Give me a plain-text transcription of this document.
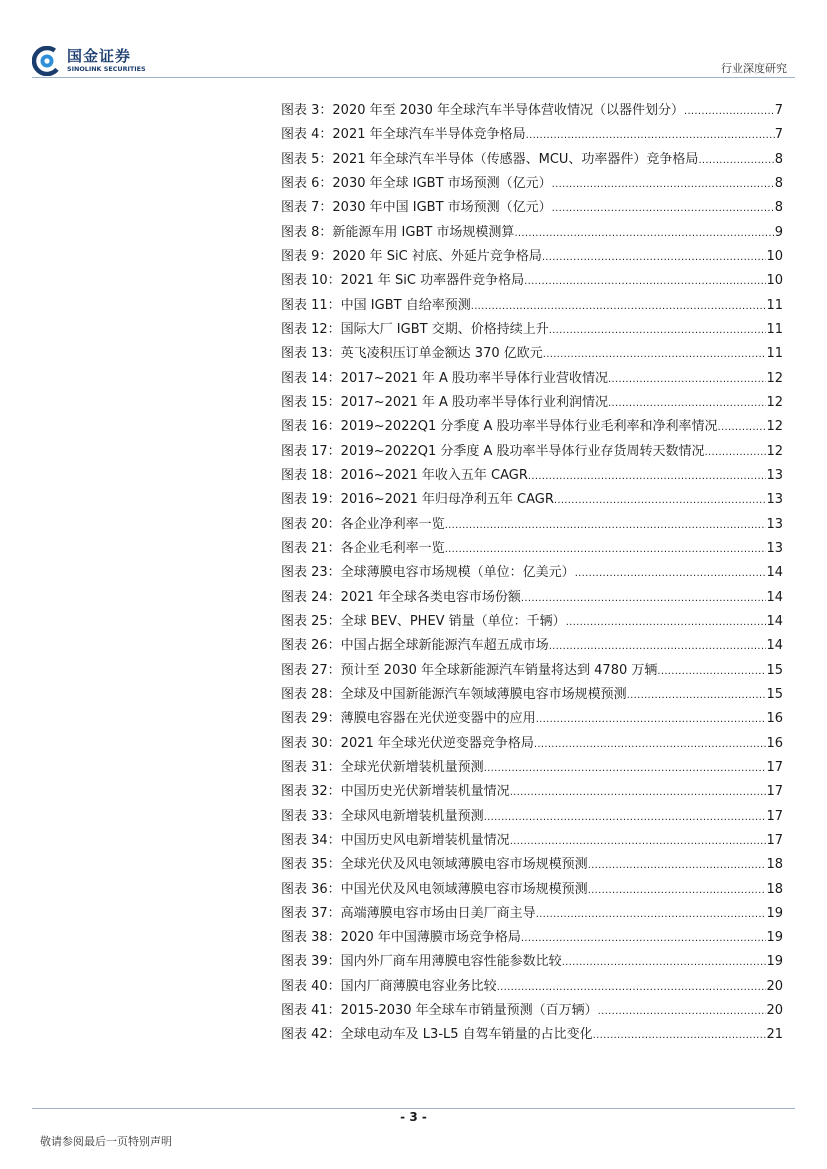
国金证券
SINOLINK SECURITIES	行业深度研究
图表 3：2020 年至 2030 年全球汽车半导体营收情况（以器件划分） .....	7
图表 4：2021 年全球汽车半导体竞争格局 .....	7
图表 5：2021 年全球汽车半导体（传感器、MCU、功率器件）竞争格局 .....	8
图表 6：2030 年全球 IGBT 市场预测（亿元） .....	8
图表 7：2030 年中国 IGBT 市场预测（亿元） .....	8
图表 8：新能源车用 IGBT 市场规模测算 .....	9
图表 9：2020 年 SiC 衬底、外延片竞争格局 .....	10
图表 10：2021 年 SiC 功率器件竞争格局 .....	10
图表 11：中国 IGBT 自给率预测 .....	11
图表 12：国际大厂 IGBT 交期、价格持续上升 .....	11
图表 13：英飞凌积压订单金额达 370 亿欧元 .....	11
图表 14：2017~2021 年 A 股功率半导体行业营收情况 .....	12
图表 15：2017~2021 年 A 股功率半导体行业利润情况 .....	12
图表 16：2019~2022Q1 分季度 A 股功率半导体行业毛利率和净利率情况 .....	12
图表 17：2019~2022Q1 分季度 A 股功率半导体行业存货周转天数情况 .....	12
图表 18：2016~2021 年收入五年 CAGR .....	13
图表 19：2016~2021 年归母净利五年 CAGR .....	13
图表 20：各企业净利率一览 .....	13
图表 21：各企业毛利率一览 .....	13
图表 23：全球薄膜电容市场规模（单位：亿美元） .....	14
图表 24：2021 年全球各类电容市场份额 .....	14
图表 25：全球 BEV、PHEV 销量（单位：千辆） .....	14
图表 26：中国占据全球新能源汽车超五成市场 .....	14
图表 27：预计至 2030 年全球新能源汽车销量将达到 4780 万辆 .....	15
图表 28：全球及中国新能源汽车领域薄膜电容市场规模预测 .....	15
图表 29：薄膜电容器在光伏逆变器中的应用 .....	16
图表 30：2021 年全球光伏逆变器竞争格局 .....	16
图表 31：全球光伏新增装机量预测 .....	17
图表 32：中国历史光伏新增装机量情况 .....	17
图表 33：全球风电新增装机量预测 .....	17
图表 34：中国历史风电新增装机量情况 .....	17
图表 35：全球光伏及风电领域薄膜电容市场规模预测 .....	18
图表 36：中国光伏及风电领域薄膜电容市场规模预测 .....	18
图表 37：高端薄膜电容市场由日美厂商主导 .....	19
图表 38：2020 年中国薄膜市场竞争格局 .....	19
图表 39：国内外厂商车用薄膜电容性能参数比较 .....	19
图表 40：国内厂商薄膜电容业务比较 .....	20
图表 41：2015-2030 年全球车市销量预测（百万辆） .....	20
图表 42：全球电动车及 L3-L5 自驾车销量的占比变化 .....	21
- 3 -
敬请参阅最后一页特别声明
